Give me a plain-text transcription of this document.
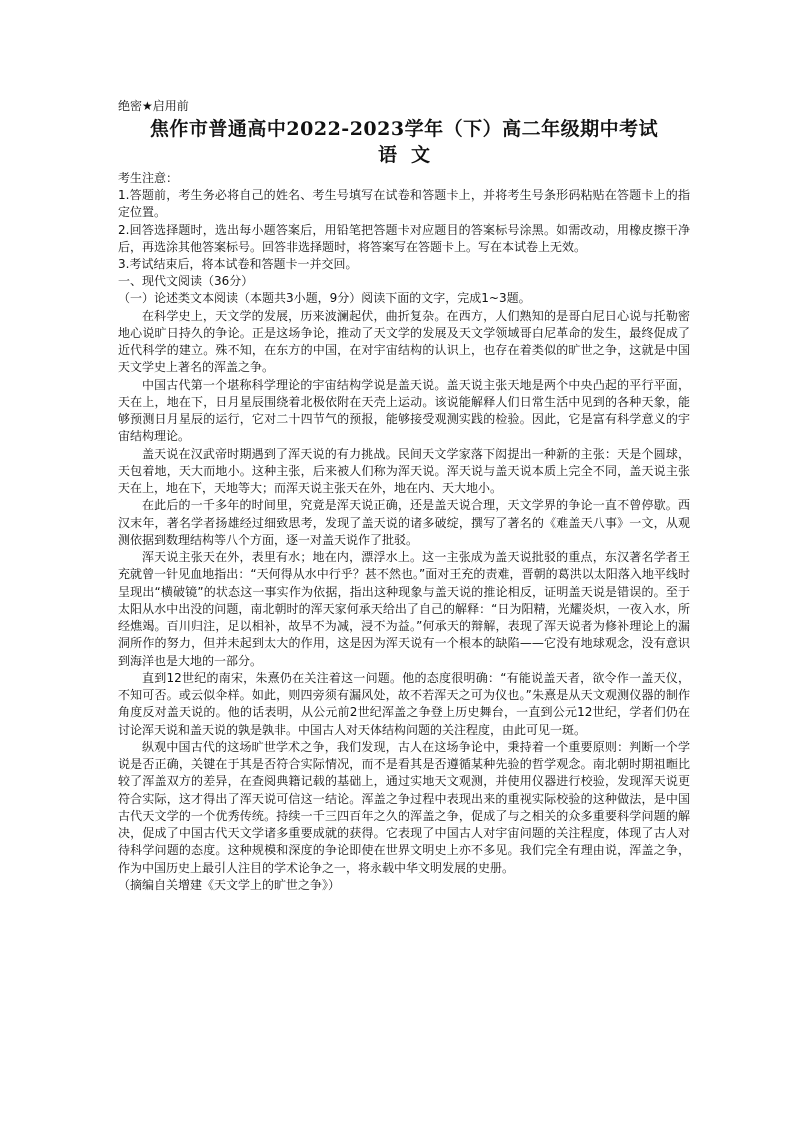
绝密★启用前

焦作市普通高中2022-2023学年（下）高二年级期中考试
语文

考生注意：

1.答题前，考生务必将自己的姓名、考生号填写在试卷和答题卡上，并将考生号条形码粘贴在答题卡上的指定位置。

2.回答选择题时，选出每小题答案后，用铅笔把答题卡对应题目的答案标号涂黑。如需改动，用橡皮擦干净后，再选涂其他答案标号。回答非选择题时，将答案写在答题卡上。写在本试卷上无效。

3.考试结束后，将本试卷和答题卡一并交回。

一、现代文阅读（36分）

（一）论述类文本阅读（本题共3小题，9分）阅读下面的文字，完成1~3题。

在科学史上，天文学的发展，历来波澜起伏，曲折复杂。在西方，人们熟知的是哥白尼日心说与托勒密地心说旷日持久的争论。正是这场争论，推动了天文学的发展及天文学领域哥白尼革命的发生，最终促成了近代科学的建立。殊不知，在东方的中国，在对宇宙结构的认识上，也存在着类似的旷世之争，这就是中国天文学史上著名的浑盖之争。

中国古代第一个堪称科学理论的宇宙结构学说是盖天说。盖天说主张天地是两个中央凸起的平行平面，天在上，地在下，日月星辰围绕着北极依附在天壳上运动。该说能解释人们日常生活中见到的各种天象，能够预测日月星辰的运行，它对二十四节气的预报，能够接受观测实践的检验。因此，它是富有科学意义的宇宙结构理论。

盖天说在汉武帝时期遇到了浑天说的有力挑战。民间天文学家落下闳提出一种新的主张：天是个圆球，天包着地，天大而地小。这种主张，后来被人们称为浑天说。浑天说与盖天说本质上完全不同，盖天说主张天在上，地在下，天地等大；而浑天说主张天在外，地在内、天大地小。

在此后的一千多年的时间里，究竟是浑天说正确，还是盖天说合理，天文学界的争论一直不曾停歇。西汉末年，著名学者扬雄经过细致思考，发现了盖天说的诸多破绽，撰写了著名的《难盖天八事》一文，从观测依据到数理结构等八个方面，逐一对盖天说作了批驳。

浑天说主张天在外，表里有水；地在内，漂浮水上。这一主张成为盖天说批驳的重点，东汉著名学者王充就曾一针见血地指出：“天何得从水中行乎？甚不然也。”面对王充的责难，晋朝的葛洪以太阳落入地平线时呈现出“横破镜”的状态这一事实作为依据，指出这种现象与盖天说的推论相反，证明盖天说是错误的。至于太阳从水中出没的问题，南北朝时的浑天家何承天给出了自己的解释：“日为阳精，光耀炎炽，一夜入水，所经燋竭。百川归注，足以相补，故旱不为减，浸不为益。”何承天的辩解，表现了浑天说者为修补理论上的漏洞所作的努力，但并未起到太大的作用，这是因为浑天说有一个根本的缺陷——它没有地球观念，没有意识到海洋也是大地的一部分。

直到12世纪的南宋，朱熹仍在关注着这一问题。他的态度很明确：“有能说盖天者，欲令作一盖天仪，不知可否。或云似伞样。如此，则四旁须有漏风处，故不若浑天之可为仪也。”朱熹是从天文观测仪器的制作角度反对盖天说的。他的话表明，从公元前2世纪浑盖之争登上历史舞台，一直到公元12世纪，学者们仍在讨论浑天说和盖天说的孰是孰非。中国古人对天体结构问题的关注程度，由此可见一斑。

纵观中国古代的这场旷世学术之争，我们发现，古人在这场争论中，秉持着一个重要原则：判断一个学说是否正确，关键在于其是否符合实际情况，而不是看其是否遵循某种先验的哲学观念。南北朝时期祖暅比较了浑盖双方的差异，在查阅典籍记载的基础上，通过实地天文观测，并使用仪器进行校验，发现浑天说更符合实际，这才得出了浑天说可信这一结论。浑盖之争过程中表现出来的重视实际校验的这种做法，是中国古代天文学的一个优秀传统。持续一千三四百年之久的浑盖之争，促成了与之相关的众多重要科学问题的解决，促成了中国古代天文学诸多重要成就的获得。它表现了中国古人对宇宙问题的关注程度，体现了古人对待科学问题的态度。这种规模和深度的争论即使在世界文明史上亦不多见。我们完全有理由说，浑盖之争，作为中国历史上最引人注目的学术论争之一，将永载中华文明发展的史册。

（摘编自关增建《天文学上的旷世之争》）
